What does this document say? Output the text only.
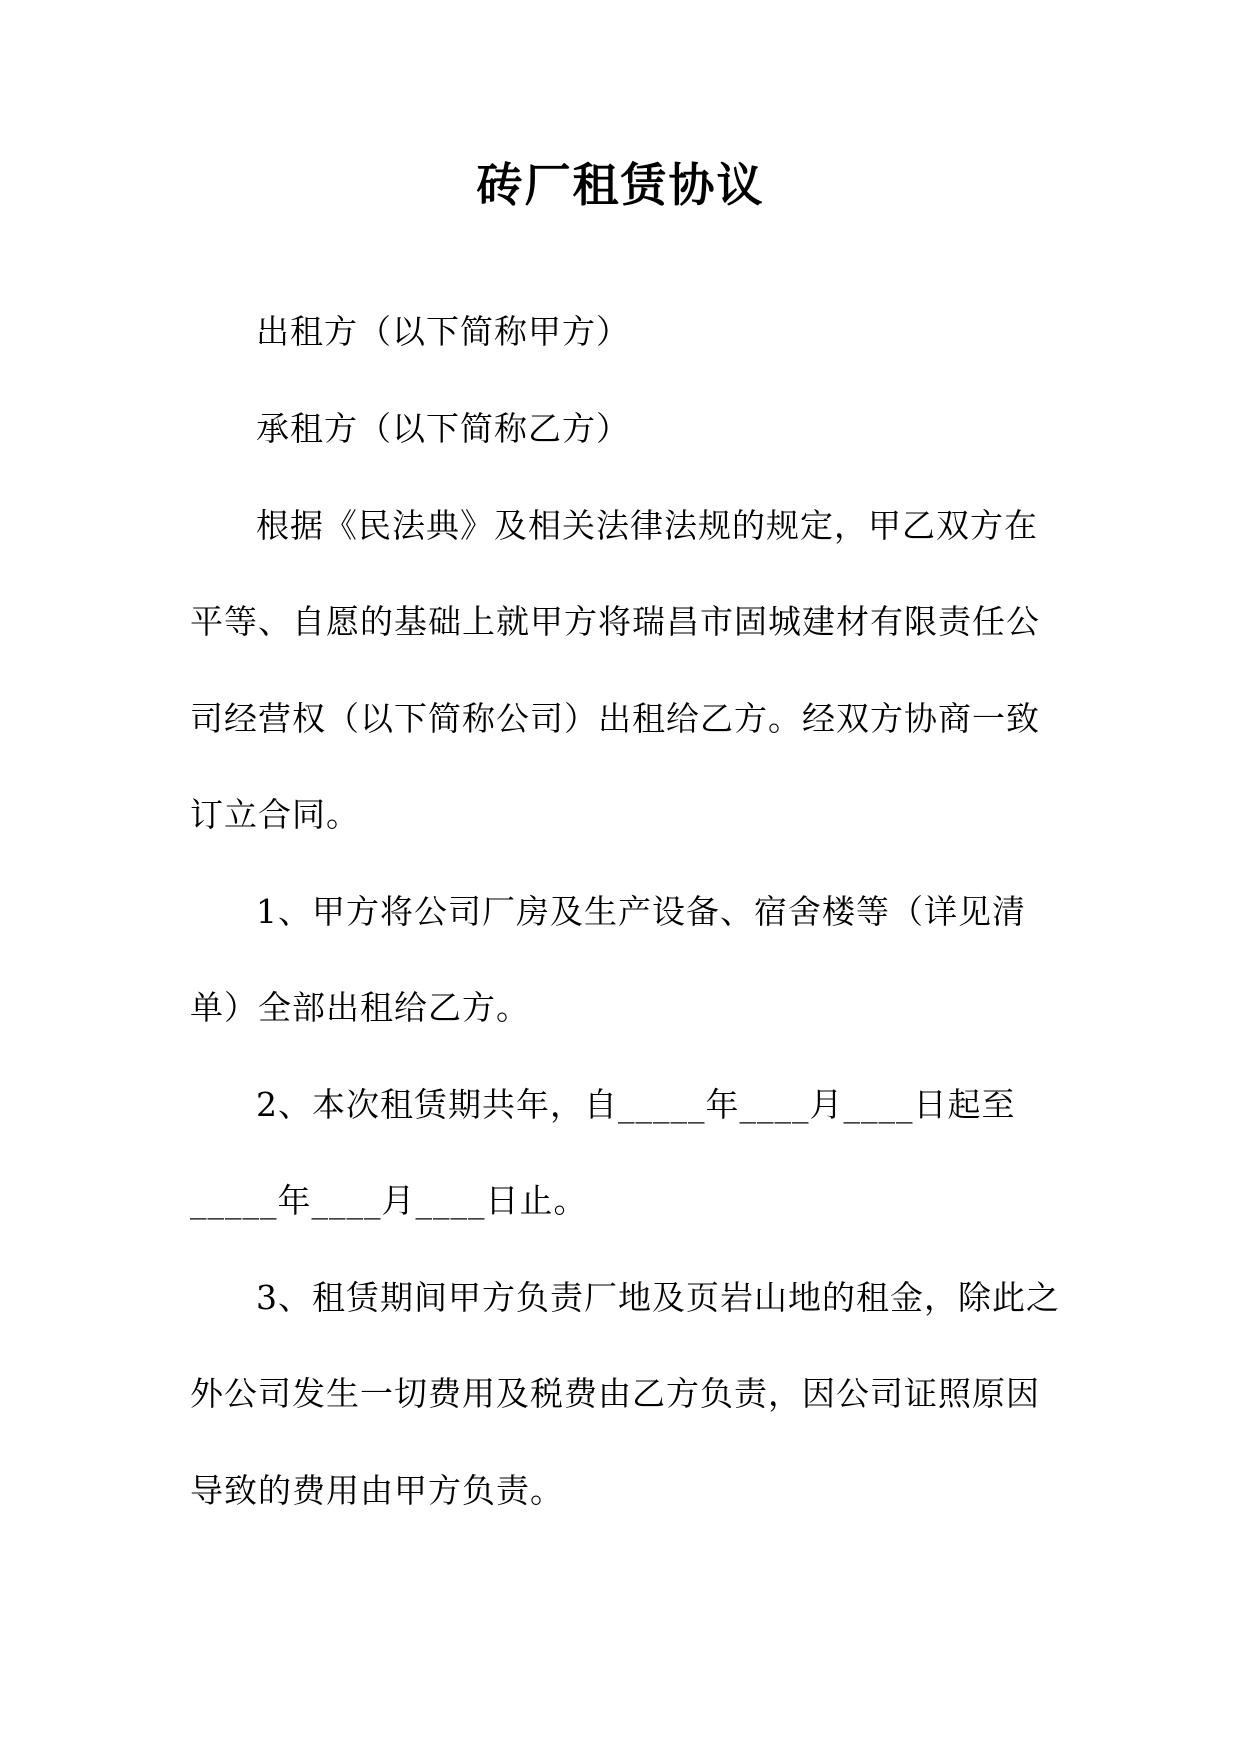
砖厂租赁协议
出租方（以下简称甲方）
承租方（以下简称乙方）
根据《民法典》及相关法律法规的规定，甲乙双方在
平等、自愿的基础上就甲方将瑞昌市固城建材有限责任公
司经营权（以下简称公司）出租给乙方。经双方协商一致
订立合同。
1、甲方将公司厂房及生产设备、宿舍楼等（详见清
单）全部出租给乙方。
2、本次租赁期共年，自_____年____月____日起至
_____年____月____日止。
3、租赁期间甲方负责厂地及页岩山地的租金，除此之
外公司发生一切费用及税费由乙方负责，因公司证照原因
导致的费用由甲方负责。
